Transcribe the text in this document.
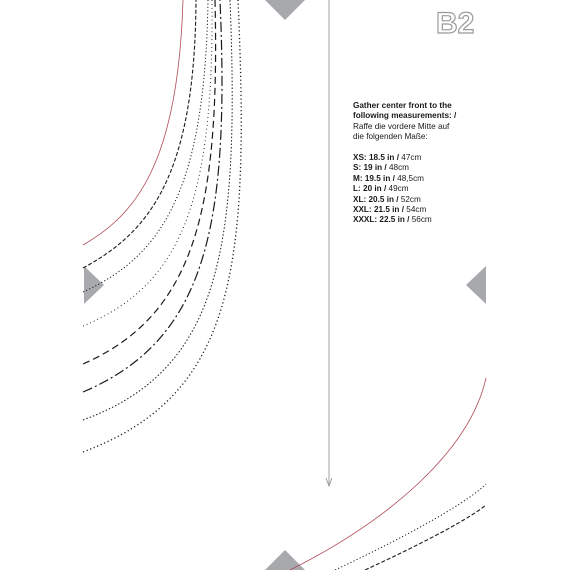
B2
Gather center front to the
following measurements: /
Raffe die vordere Mitte auf
die folgenden Maße:
XS: 18.5 in / 47cm
S: 19 in / 48cm
M: 19.5 in / 48,5cm
L: 20 in / 49cm
XL: 20.5 in / 52cm
XXL: 21.5 in / 54cm
XXXL: 22.5 in / 56cm
